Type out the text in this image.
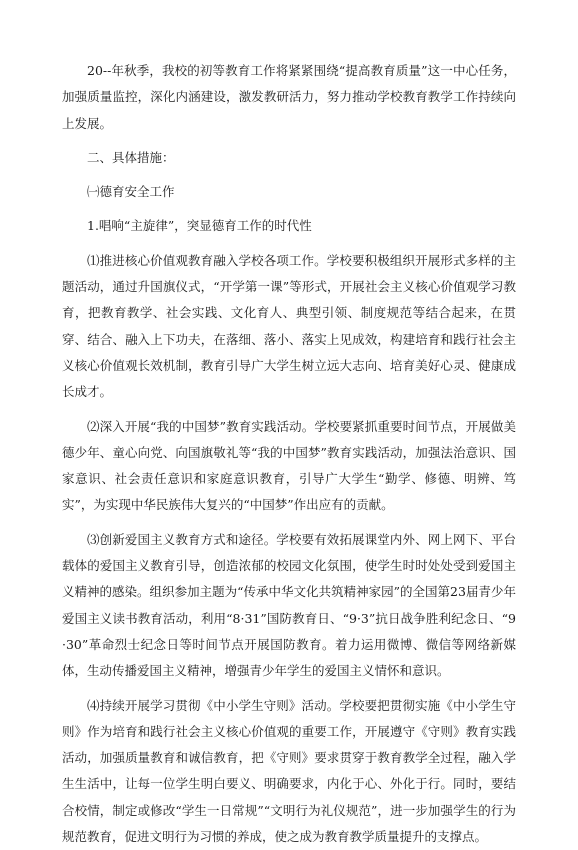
20--年秋季，我校的初等教育工作将紧紧围绕“提高教育质量”这一中心任务，加强质量监控，深化内涵建设，激发教研活力，努力推动学校教育教学工作持续向上发展。

二、具体措施：

㈠德育安全工作

1.唱响“主旋律”，突显德育工作的时代性

⑴推进核心价值观教育融入学校各项工作。学校要积极组织开展形式多样的主题活动，通过升国旗仪式，“开学第一课”等形式，开展社会主义核心价值观学习教育，把教育教学、社会实践、文化育人、典型引领、制度规范等结合起来，在贯穿、结合、融入上下功夫，在落细、落小、落实上见成效，构建培育和践行社会主义核心价值观长效机制，教育引导广大学生树立远大志向、培育美好心灵、健康成长成才。

⑵深入开展“我的中国梦”教育实践活动。学校要紧抓重要时间节点，开展做美德少年、童心向党、向国旗敬礼等“我的中国梦”教育实践活动，加强法治意识、国家意识、社会责任意识和家庭意识教育，引导广大学生“勤学、修德、明辨、笃实”，为实现中华民族伟大复兴的“中国梦”作出应有的贡献。

⑶创新爱国主义教育方式和途径。学校要有效拓展课堂内外、网上网下、平台载体的爱国主义教育引导，创造浓郁的校园文化氛围，使学生时时处处受到爱国主义精神的感染。组织参加主题为“传承中华文化共筑精神家园”的全国第23届青少年爱国主义读书教育活动，利用“8·31”国防教育日、“9·3”抗日战争胜利纪念日、“9·30”革命烈士纪念日等时间节点开展国防教育。着力运用微博、微信等网络新媒体，生动传播爱国主义精神，增强青少年学生的爱国主义情怀和意识。

⑷持续开展学习贯彻《中小学生守则》活动。学校要把贯彻实施《中小学生守则》作为培育和践行社会主义核心价值观的重要工作，开展遵守《守则》教育实践活动，加强质量教育和诚信教育，把《守则》要求贯穿于教育教学全过程，融入学生生活中，让每一位学生明白要义、明确要求，内化于心、外化于行。同时，要结合校情，制定或修改“学生一日常规”“文明行为礼仪规范”，进一步加强学生的行为规范教育，促进文明行为习惯的养成，使之成为教育教学质量提升的支撑点。
